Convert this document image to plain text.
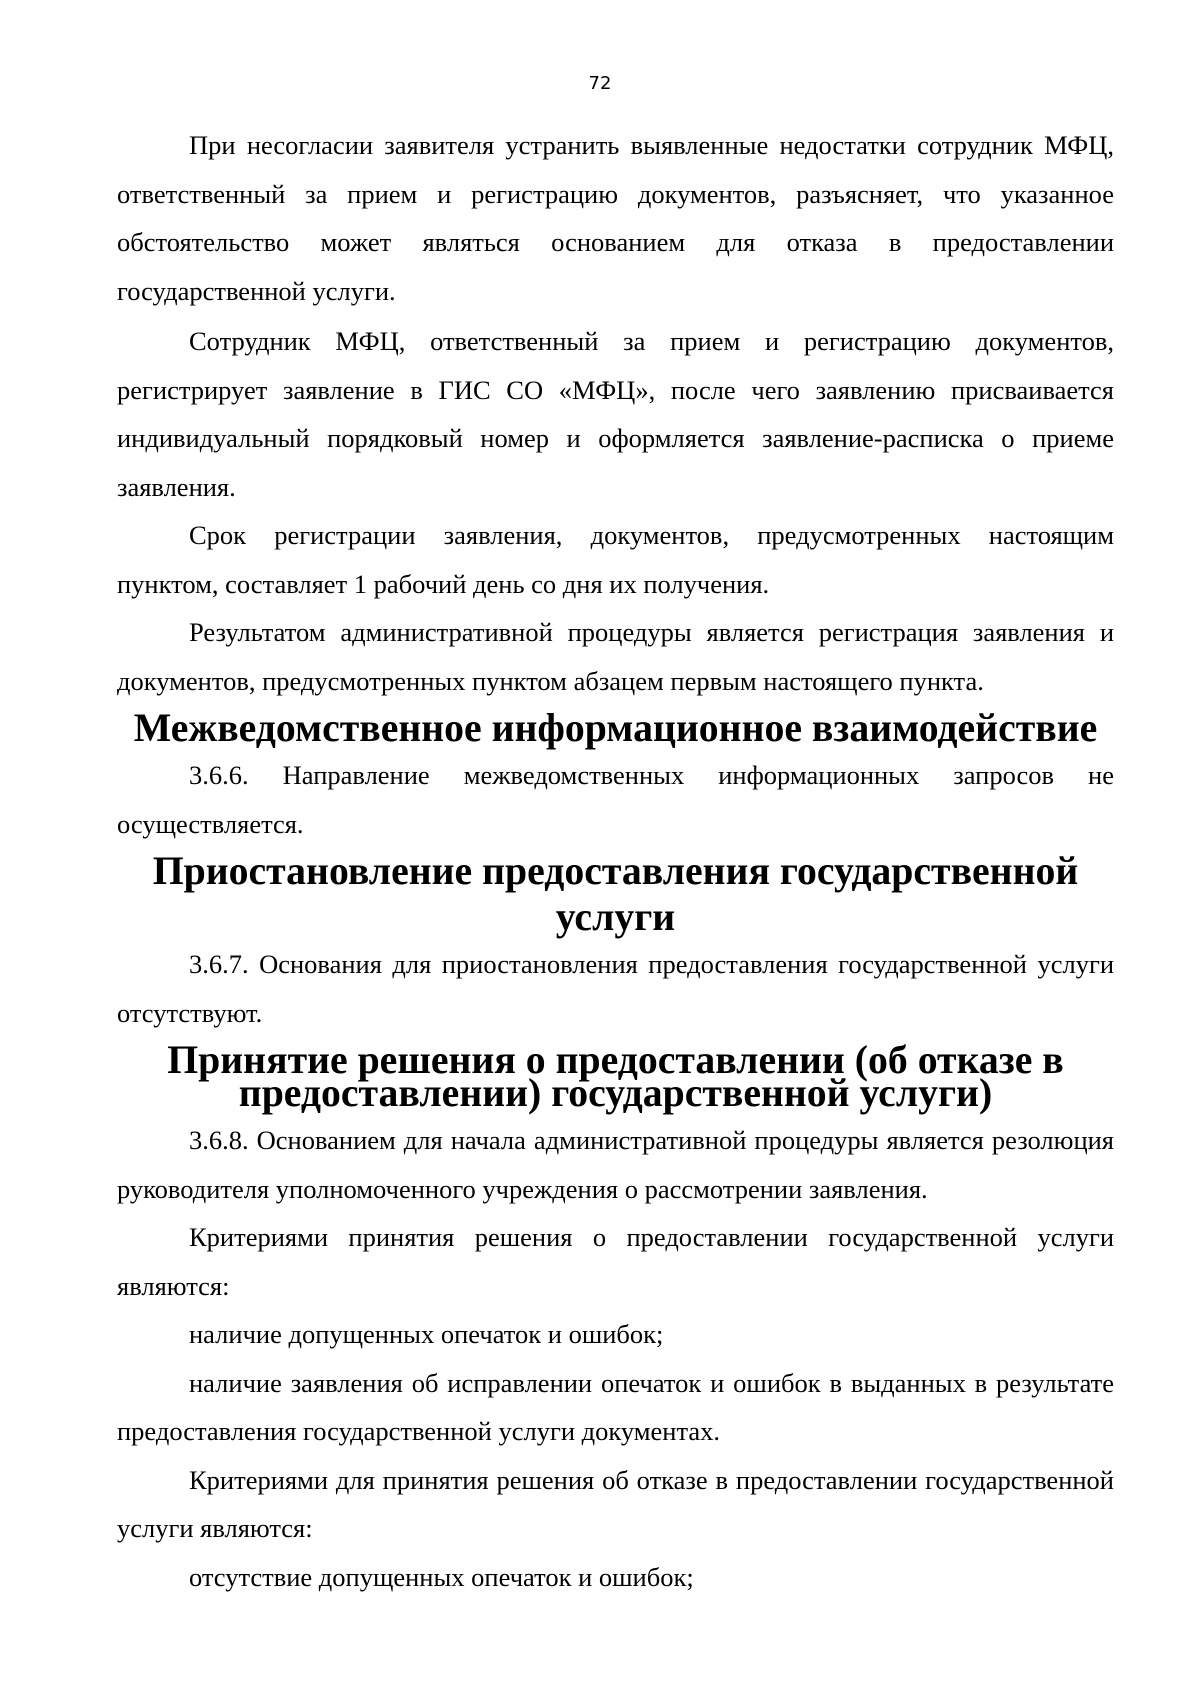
72

При несогласии заявителя устранить выявленные недостатки сотрудник МФЦ, ответственный за прием и регистрацию документов, разъясняет, что указанное обстоятельство может являться основанием для отказа в предоставлении государственной услуги.

Сотрудник МФЦ, ответственный за прием и регистрацию документов, регистрирует заявление в ГИС СО «МФЦ», после чего заявлению присваивается индивидуальный порядковый номер и оформляется заявление-расписка о приеме заявления.

Срок регистрации заявления, документов, предусмотренных настоящим пунктом, составляет 1 рабочий день со дня их получения.

Результатом административной процедуры является регистрация заявления и документов, предусмотренных пунктом абзацем первым настоящего пункта.

Межведомственное информационное взаимодействие

3.6.6. Направление межведомственных информационных запросов не осуществляется.

Приостановление предоставления государственной услуги

3.6.7. Основания для приостановления предоставления государственной услуги отсутствуют.

Принятие решения о предоставлении (об отказе в предоставлении) государственной услуги)

3.6.8. Основанием для начала административной процедуры является резолюция руководителя уполномоченного учреждения о рассмотрении заявления.

Критериями принятия решения о предоставлении государственной услуги являются:

наличие допущенных опечаток и ошибок;

наличие заявления об исправлении опечаток и ошибок в выданных в результате предоставления государственной услуги документах.

Критериями для принятия решения об отказе в предоставлении государственной услуги являются:

отсутствие допущенных опечаток и ошибок;
